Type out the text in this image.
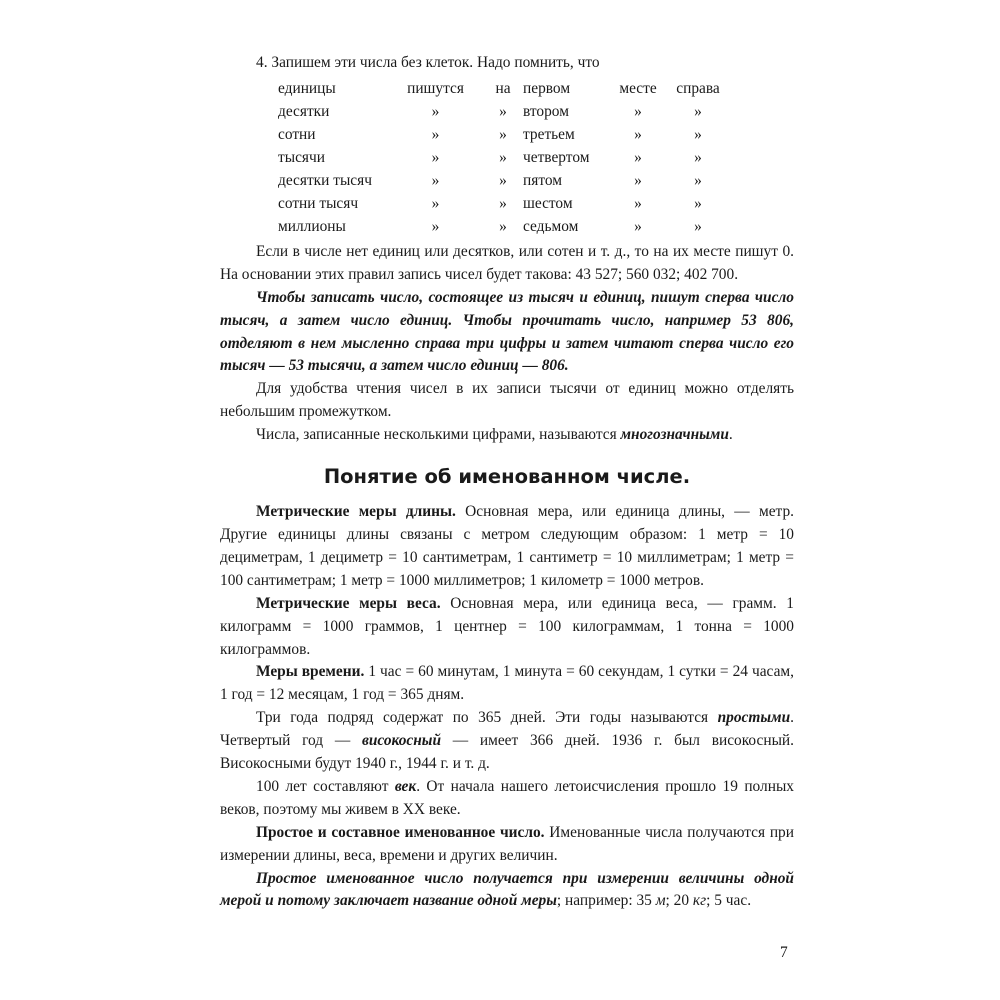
4. Запишем эти числа без клеток. Надо помнить, что

единицы	пишутся	на	первом	месте	справа
десятки	»	»	втором	»	»
сотни	»	»	третьем	»	»
тысячи	»	»	четвертом	»	»
десятки тысяч	»	»	пятом	»	»
сотни тысяч	»	»	шестом	»	»
миллионы	»	»	седьмом	»	»

Если в числе нет единиц или десятков, или сотен и т. д., то на их месте пишут 0. На основании этих правил запись чисел будет такова: 43 527; 560 032; 402 700.

Чтобы записать число, состоящее из тысяч и единиц, пишут сперва число тысяч, а затем число единиц. Чтобы прочитать число, например 53 806, отделяют в нем мысленно справа три цифры и затем читают сперва число его тысяч — 53 тысячи, а затем число единиц — 806.

Для удобства чтения чисел в их записи тысячи от единиц можно отделять небольшим промежутком.

Числа, записанные несколькими цифрами, называются многозначными.

Понятие об именованном числе.

Метрические меры длины. Основная мера, или единица длины, — метр. Другие единицы длины связаны с метром следующим образом: 1 метр = 10 дециметрам, 1 дециметр = 10 сантиметрам, 1 сантиметр = 10 миллиметрам; 1 метр = 100 сантиметрам; 1 метр = 1000 миллиметров; 1 километр = 1000 метров.

Метрические меры веса. Основная мера, или единица веса, — грамм. 1 килограмм = 1000 граммов, 1 центнер = 100 килограммам, 1 тонна = 1000 килограммов.

Меры времени. 1 час = 60 минутам, 1 минута = 60 секундам, 1 сутки = 24 часам, 1 год = 12 месяцам, 1 год = 365 дням.

Три года подряд содержат по 365 дней. Эти годы называются простыми. Четвертый год — високосный — имеет 366 дней. 1936 г. был високосный. Високосными будут 1940 г., 1944 г. и т. д.

100 лет составляют век. От начала нашего летоисчисления прошло 19 полных веков, поэтому мы живем в XX веке.

Простое и составное именованное число. Именованные числа получаются при измерении длины, веса, времени и других величин.

Простое именованное число получается при измерении величины одной мерой и потому заключает название одной меры; например: 35 м; 20 кг; 5 час.

7
